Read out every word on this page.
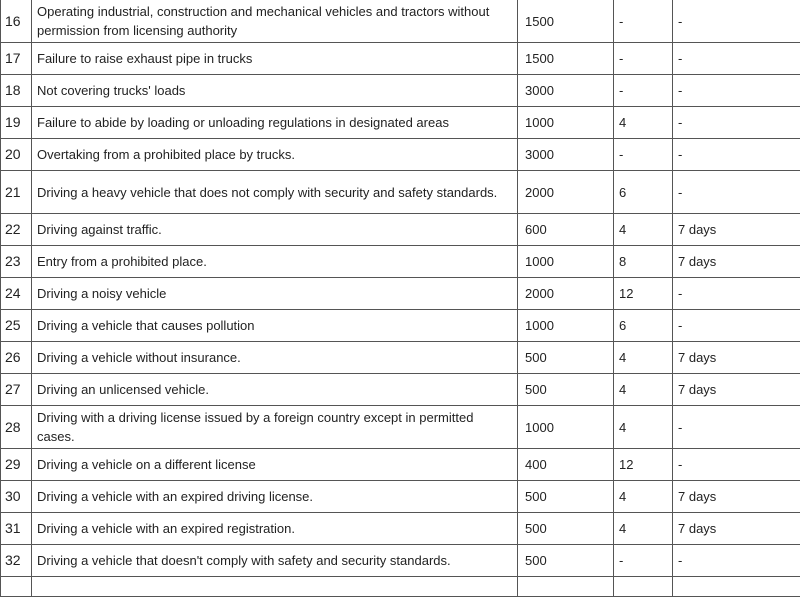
16	Operating industrial, construction and mechanical vehicles and tractors without permission from licensing authority	1500	-	-
17	Failure to raise exhaust pipe in trucks	1500	-	-
18	Not covering trucks' loads	3000	-	-
19	Failure to abide by loading or unloading regulations in designated areas	1000	4	-
20	Overtaking from a prohibited place by trucks.	3000	-	-
21	Driving a heavy vehicle that does not comply with security and safety standards.	2000	6	-
22	Driving against traffic.	600	4	7 days
23	Entry from a prohibited place.	1000	8	7 days
24	Driving a noisy vehicle	2000	12	-
25	Driving a vehicle that causes pollution	1000	6	-
26	Driving a vehicle without insurance.	500	4	7 days
27	Driving an unlicensed vehicle.	500	4	7 days
28	Driving with a driving license issued by a foreign country except in permitted cases.	1000	4	-
29	Driving a vehicle on a different license	400	12	-
30	Driving a vehicle with an expired driving license.	500	4	7 days
31	Driving a vehicle with an expired registration.	500	4	7 days
32	Driving a vehicle that doesn't comply with safety and security standards.	500	-	-
